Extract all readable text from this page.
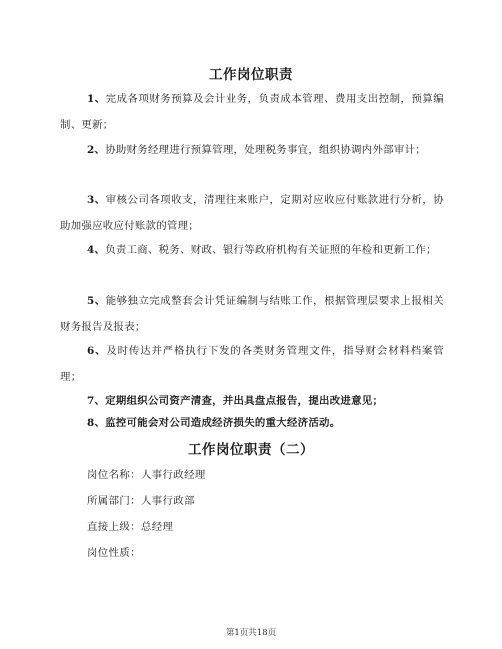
工作岗位职责

1、完成各项财务预算及会计业务，负责成本管理、费用支出控制，预算编制、更新；

2、协助财务经理进行预算管理，处理税务事宜，组织协调内外部审计；

3、审核公司各项收支，清理往来账户，定期对应收应付账款进行分析，协助加强应收应付账款的管理；

4、负责工商、税务、财政、银行等政府机构有关证照的年检和更新工作；

5、能够独立完成整套会计凭证编制与结账工作，根据管理层要求上报相关财务报告及报表；

6、及时传达并严格执行下发的各类财务管理文件，指导财会材料档案管理；

7、定期组织公司资产清查，并出具盘点报告，提出改进意见；

8、监控可能会对公司造成经济损失的重大经济活动。

工作岗位职责（二）
岗位名称：人事行政经理
所属部门：人事行政部
直接上级：总经理
岗位性质：
第1页共18页
